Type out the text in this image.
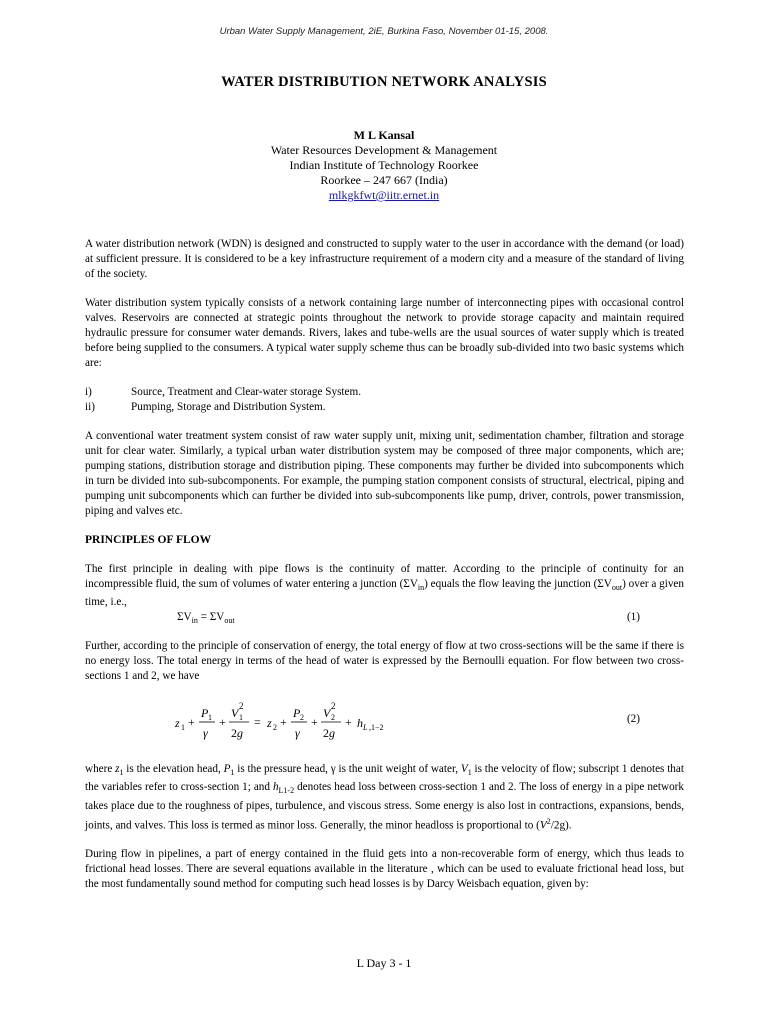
Urban Water Supply Management, 2iE, Burkina Faso, November 01-15, 2008.
WATER DISTRIBUTION NETWORK ANALYSIS
M L Kansal
Water Resources Development & Management
Indian Institute of Technology Roorkee
Roorkee – 247 667 (India)
mlkgkfwt@iitr.ernet.in

A water distribution network (WDN) is designed and constructed to supply water to the user in accordance with the demand (or load) at sufficient pressure. It is considered to be a key infrastructure requirement of a modern city and a measure of the standard of living of the society.

Water distribution system typically consists of a network containing large number of interconnecting pipes with occasional control valves. Reservoirs are connected at strategic points throughout the network to provide storage capacity and maintain required hydraulic pressure for consumer water demands. Rivers, lakes and tube-wells are the usual sources of water supply which is treated before being supplied to the consumers. A typical water supply scheme thus can be broadly sub-divided into two basic systems which are:

i)	Source, Treatment and Clear-water storage System.
ii)	Pumping, Storage and Distribution System.

A conventional water treatment system consist of raw water supply unit, mixing unit, sedimentation chamber, filtration and storage unit for clear water. Similarly, a typical urban water distribution system may be composed of three major components, which are; pumping stations, distribution storage and distribution piping. These components may further be divided into subcomponents which in turn be divided into sub-subcomponents. For example, the pumping station component consists of structural, electrical, piping and pumping unit subcomponents which can further be divided into sub-subcomponents like pump, driver, controls, power transmission, piping and valves etc.

PRINCIPLES OF FLOW

The first principle in dealing with pipe flows is the continuity of matter. According to the principle of continuity for an incompressible fluid, the sum of volumes of water entering a junction $(\Sigma V_{in})$ equals the flow leaving the junction $(\Sigma V_{out})$ over a given time, i.e.,

$\Sigma V_{in} = \Sigma V_{out}$	(1)

Further, according to the principle of conservation of energy, the total energy of flow at two cross-sections will be the same if there is no energy loss. The total energy in terms of the head of water is expressed by the Bernoulli equation. For flow between two cross-sections 1 and 2, we have

z 1 +
P 1
γ
+
V 1
2
2 g
= z 2 +
P 2
γ
+
V 2
2
2 g
+ h L ,1−2
(2)

where $z_1$ is the elevation head, $P_1$ is the pressure head, γ is the unit weight of water, $V_1$ is the velocity of flow; subscript 1 denotes that the variables refer to cross-section 1; and $h_{L1-2}$ denotes head loss between cross-section 1 and 2. The loss of energy in a pipe network takes place due to the roughness of pipes, turbulence, and viscous stress. Some energy is also lost in contractions, expansions, bends, joints, and valves. This loss is termed as minor loss. Generally, the minor headloss is proportional to $(V^2/2g)$.

During flow in pipelines, a part of energy contained in the fluid gets into a non-recoverable form of energy, which thus leads to frictional head losses. There are several equations available in the literature , which can be used to evaluate frictional head loss, but the most fundamentally sound method for computing such head losses is by Darcy Weisbach equation, given by:

L Day 3 - 1
